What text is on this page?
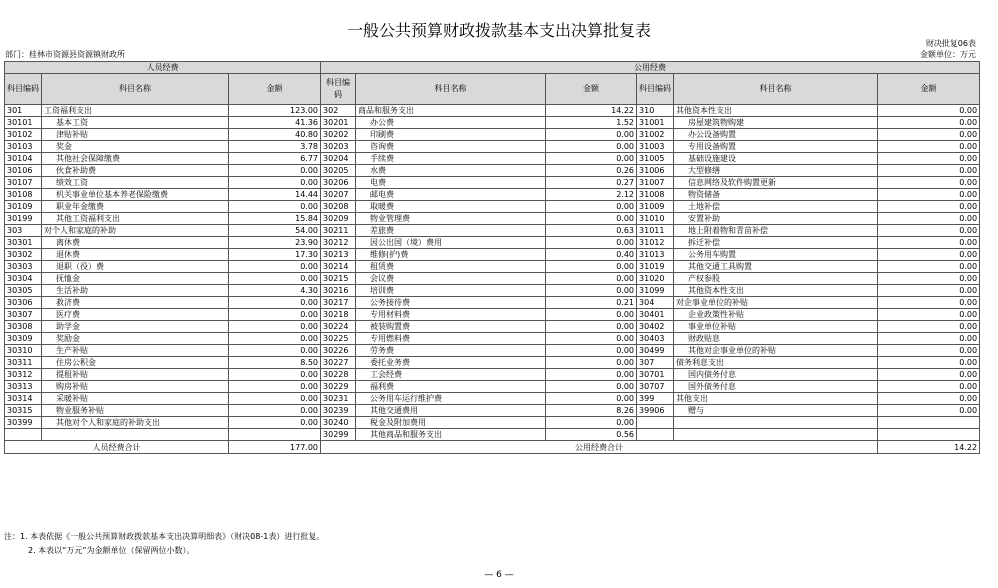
一般公共预算财政拨款基本支出决算批复表
财决批复06表
金额单位：万元
部门：桂林市资源县资源镇财政所
人员经费			公用经费					
科目编码	科目名称	金额	科目编码	科目名称	金额	科目编码	科目名称	金额
301	工资福利支出	123.00	302	商品和服务支出	14.22	310	其他资本性支出	0.00
30101	基本工资	41.36	30201	办公费	1.52	31001	房屋建筑物购建	0.00
30102	津贴补贴	40.80	30202	印刷费	0.00	31002	办公设备购置	0.00
30103	奖金	3.78	30203	咨询费	0.00	31003	专用设备购置	0.00
30104	其他社会保障缴费	6.77	30204	手续费	0.00	31005	基础设施建设	0.00
30106	伙食补助费	0.00	30205	水费	0.26	31006	大型修缮	0.00
30107	绩效工资	0.00	30206	电费	0.27	31007	信息网络及软件购置更新	0.00
30108	机关事业单位基本养老保险缴费	14.44	30207	邮电费	2.12	31008	物资储备	0.00
30109	职业年金缴费	0.00	30208	取暖费	0.00	31009	土地补偿	0.00
30199	其他工资福利支出	15.84	30209	物业管理费	0.00	31010	安置补助	0.00
303	对个人和家庭的补助	54.00	30211	差旅费	0.63	31011	地上附着物和青苗补偿	0.00
30301	离休费	23.90	30212	因公出国（境）费用	0.00	31012	拆迁补偿	0.00
30302	退休费	17.30	30213	维修(护)费	0.40	31013	公务用车购置	0.00
30303	退职（役）费	0.00	30214	租赁费	0.00	31019	其他交通工具购置	0.00
30304	抚恤金	0.00	30215	会议费	0.00	31020	产权参股	0.00
30305	生活补助	4.30	30216	培训费	0.00	31099	其他资本性支出	0.00
30306	救济费	0.00	30217	公务接待费	0.21	304	对企事业单位的补贴	0.00
30307	医疗费	0.00	30218	专用材料费	0.00	30401	企业政策性补贴	0.00
30308	助学金	0.00	30224	被装购置费	0.00	30402	事业单位补贴	0.00
30309	奖励金	0.00	30225	专用燃料费	0.00	30403	财政贴息	0.00
30310	生产补贴	0.00	30226	劳务费	0.00	30499	其他对企事业单位的补贴	0.00
30311	住房公积金	8.50	30227	委托业务费	0.00	307	债务利息支出	0.00
30312	提租补贴	0.00	30228	工会经费	0.00	30701	国内债务付息	0.00
30313	购房补贴	0.00	30229	福利费	0.00	30707	国外债务付息	0.00
30314	采暖补贴	0.00	30231	公务用车运行维护费	0.00	399	其他支出	0.00
30315	物业服务补贴	0.00	30239	其他交通费用	8.26	39906	赠与	0.00
30399	其他对个人和家庭的补助支出	0.00	30240	税金及附加费用	0.00			
			30299	其他商品和服务支出	0.56			
人员经费合计		177.00	公用经费合计					14.22
注：1. 本表依据《一般公共预算财政拨款基本支出决算明细表》（财决08-1表）进行批复。
2. 本表以“万元”为金额单位（保留两位小数）。
— 6 —
